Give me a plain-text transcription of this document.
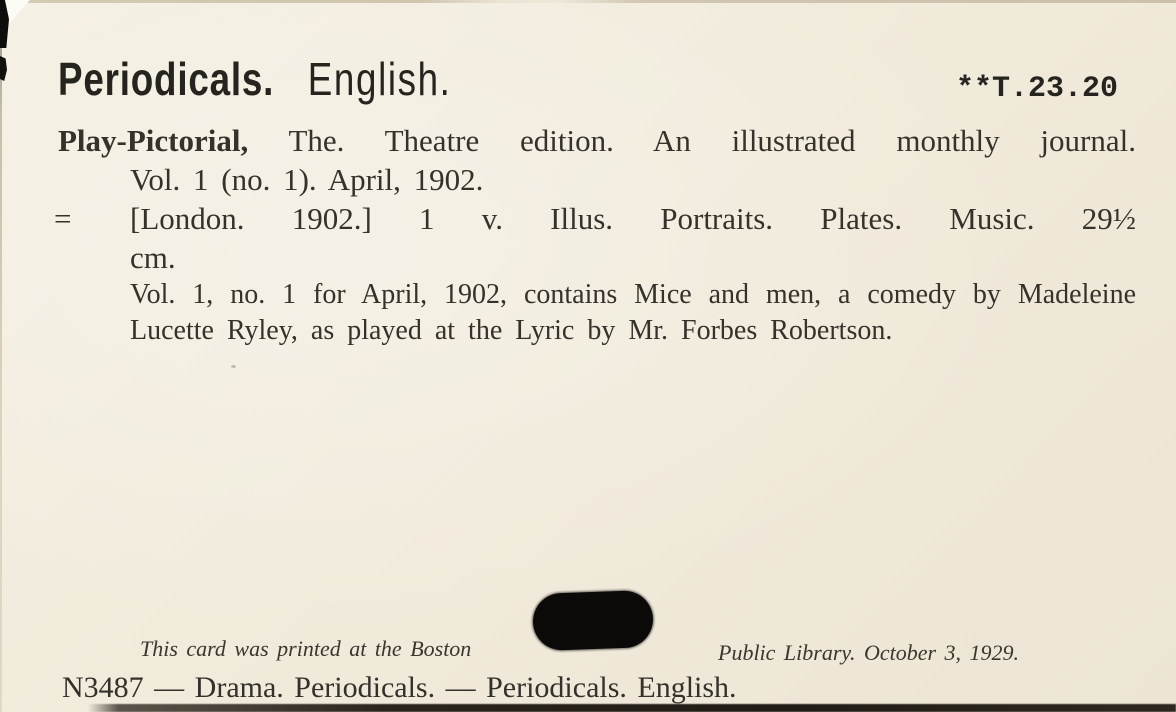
Periodicals. English.	**T.23.20
Play-Pictorial, The. Theatre edition. An illustrated monthly journal.
Vol. 1 (no. 1). April, 1902.
=	[London. 1902.] 1 v. Illus. Portraits. Plates. Music. 29½
cm.
Vol. 1, no. 1 for April, 1902, contains Mice and men, a comedy by Madeleine
Lucette Ryley, as played at the Lyric by Mr. Forbes Robertson.
This card was printed at the Boston	Public Library. October 3, 1929.
N3487 — Drama. Periodicals. — Periodicals. English.
